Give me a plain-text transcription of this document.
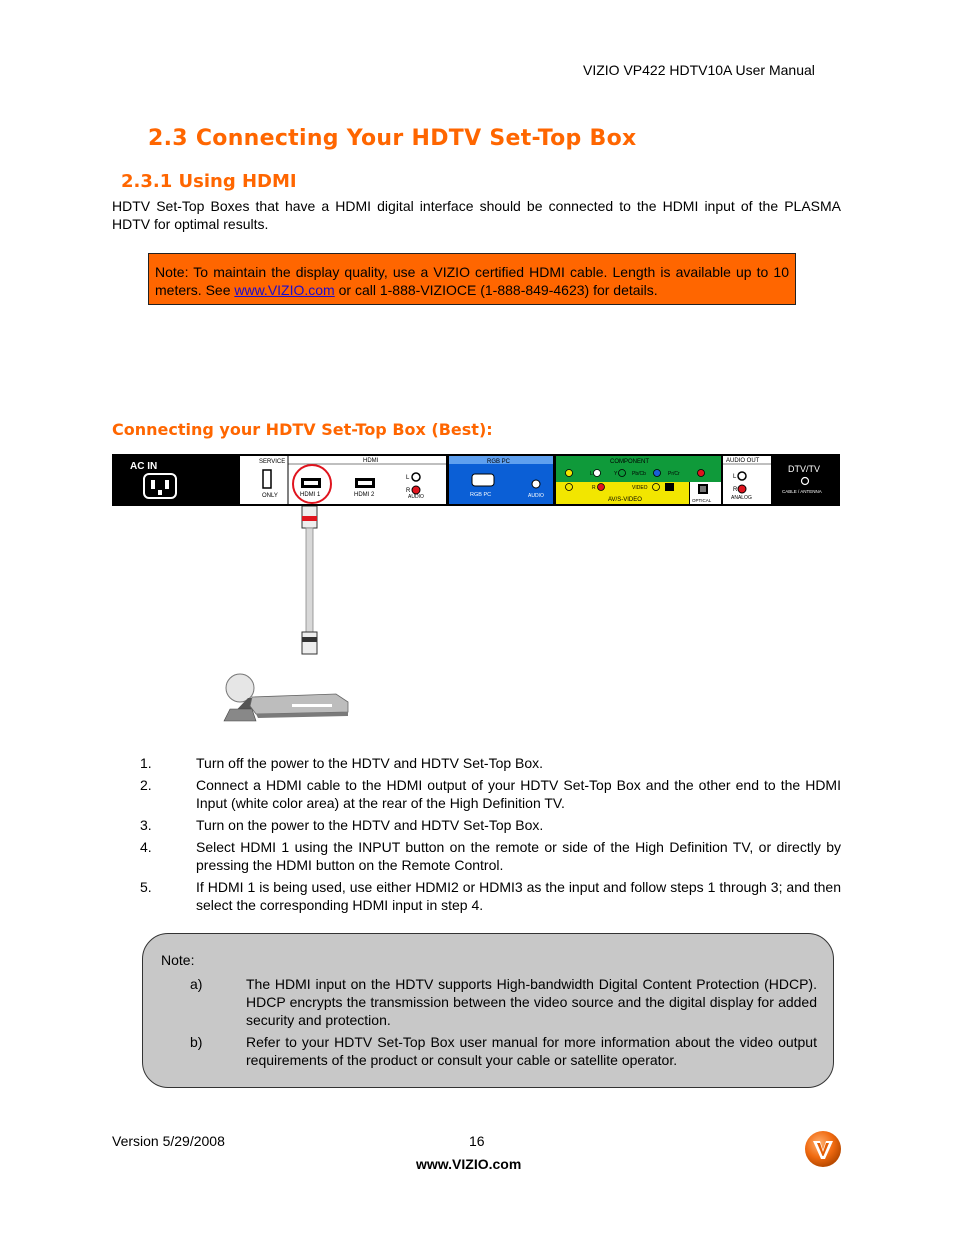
VIZIO VP422 HDTV10A User Manual
2.3 Connecting Your HDTV Set-Top Box
2.3.1 Using HDMI
HDTV Set-Top Boxes that have a HDMI digital interface should be connected to the HDMI input of the PLASMA HDTV for optimal results.
Note: To maintain the display quality, use a VIZIO certified HDMI cable. Length is available up to 10 meters. See www.VIZIO.com or call 1-888-VIZIOCE (1-888-849-4623) for details.
Connecting your HDTV Set-Top Box (Best):
AC IN	SERVICE
ONLY
HDMI
HDMI 1	HDMI 2
L
R
AUDIO
RGB PC
RGB PC	AUDIO
COMPONENT
L	Y	Pb/Cb	Pr/Cr
R	VIDEO
AV/S-VIDEO	OPTICAL
AUDIO OUT
L
R
ANALOG
DTV/TV
CABLE / ANTENNA
1.	Turn off the power to the HDTV and HDTV Set-Top Box.
2.	Connect a HDMI cable to the HDMI output of your HDTV Set-Top Box and the other end to the HDMI Input (white color area) at the rear of the High Definition TV.
3.	Turn on the power to the HDTV and HDTV Set-Top Box.
4.	Select HDMI 1 using the INPUT button on the remote or side of the High Definition TV, or directly by pressing the HDMI button on the Remote Control.
5.	If HDMI 1 is being used, use either HDMI2 or HDMI3 as the input and follow steps 1 through 3; and then select the corresponding HDMI input in step 4.
Note:
a)	The HDMI input on the HDTV supports High-bandwidth Digital Content Protection (HDCP). HDCP encrypts the transmission between the video source and the digital display for added security and protection.
b)	Refer to your HDTV Set-Top Box user manual for more information about the video output requirements of the product or consult your cable or satellite operator.
Version 5/29/2008	16
www.VIZIO.com
